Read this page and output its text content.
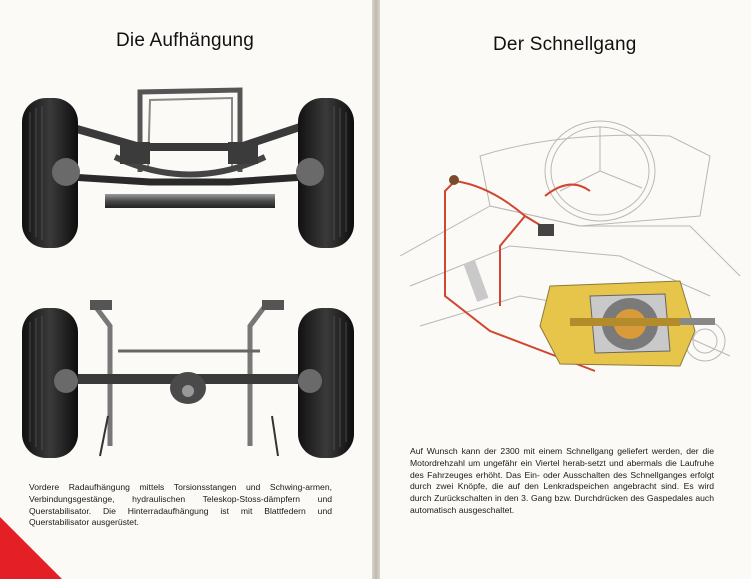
Die Aufhängung

Vordere Radaufhängung mittels Torsionsstangen und Schwing-armen, Verbindungsgestänge, hydraulischen Teleskop-Stoss-dämpfern und Querstabilisator. Die Hinterradaufhängung ist mit Blattfedern und Querstabilisator ausgerüstet.

Der Schnellgang

Auf Wunsch kann der 2300 mit einem Schnellgang geliefert werden, der die Motordrehzahl um ungefähr ein Viertel herab-setzt und abermals die Laufruhe des Fahrzeuges erhöht. Das Ein- oder Ausschalten des Schnellganges erfolgt durch zwei Knöpfe, die auf den Lenkradspeichen angebracht sind. Es wird durch Zurückschalten in den 3. Gang bzw. Durchdrücken des Gaspedales auch automatisch ausgeschaltet.
